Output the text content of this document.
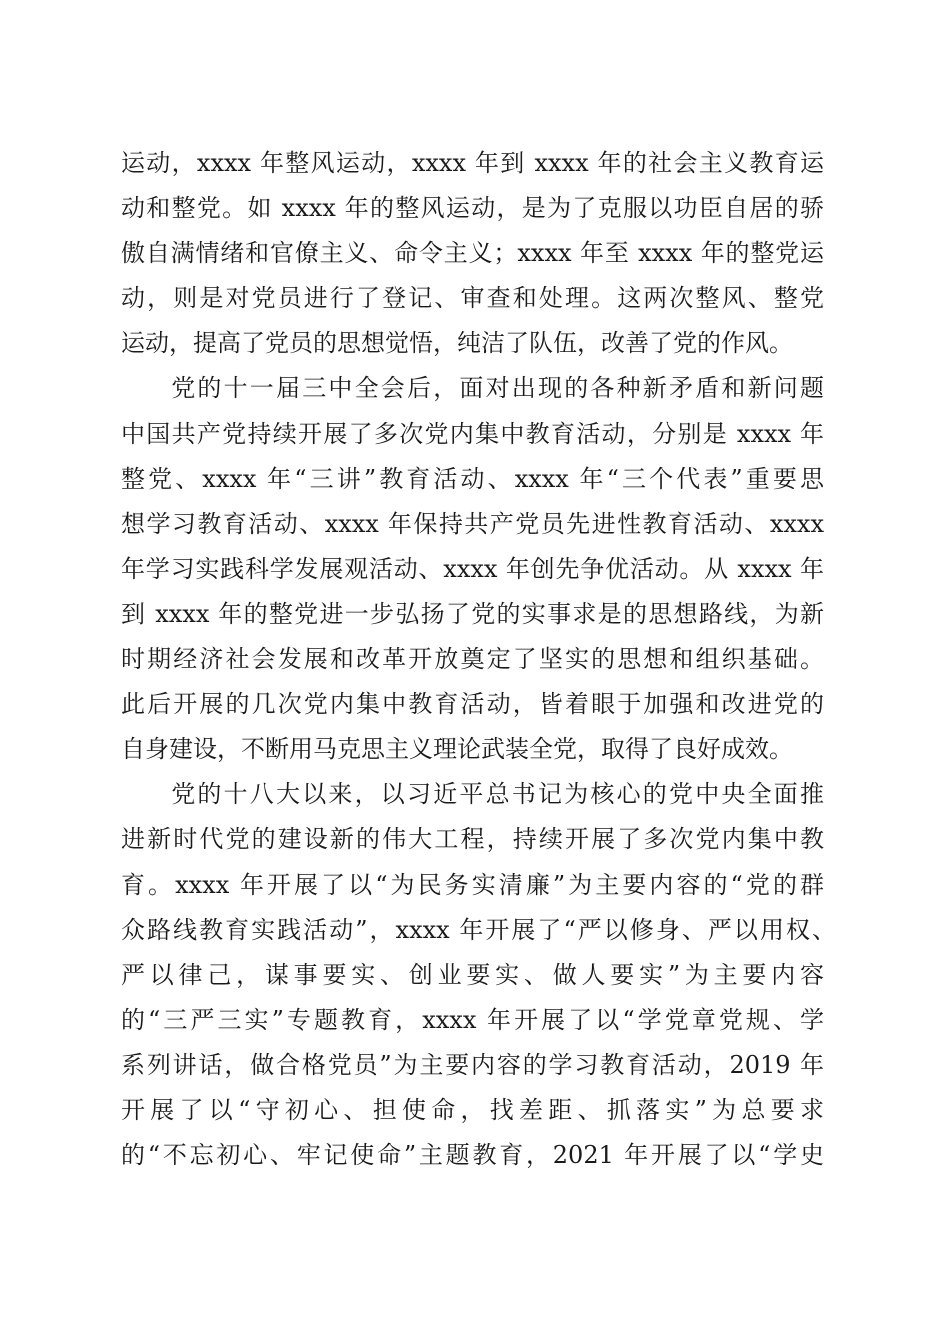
运动，xxxx 年整风运动，xxxx 年到 xxxx 年的社会主义教育运
动和整党。如 xxxx 年的整风运动，是为了克服以功臣自居的骄
傲自满情绪和官僚主义、命令主义；xxxx 年至 xxxx 年的整党运
动，则是对党员进行了登记、审查和处理。这两次整风、整党
运动，提高了党员的思想觉悟，纯洁了队伍，改善了党的作风。
党的十一届三中全会后，面对出现的各种新矛盾和新问题
中国共产党持续开展了多次党内集中教育活动，分别是 xxxx 年
整党、xxxx 年“三讲”教育活动、xxxx 年“三个代表”重要思
想学习教育活动、xxxx 年保持共产党员先进性教育活动、xxxx
年学习实践科学发展观活动、xxxx 年创先争优活动。从 xxxx 年
到 xxxx 年的整党进一步弘扬了党的实事求是的思想路线，为新
时期经济社会发展和改革开放奠定了坚实的思想和组织基础。
此后开展的几次党内集中教育活动，皆着眼于加强和改进党的
自身建设，不断用马克思主义理论武装全党，取得了良好成效。
党的十八大以来，以习近平总书记为核心的党中央全面推
进新时代党的建设新的伟大工程，持续开展了多次党内集中教
育。xxxx 年开展了以“为民务实清廉”为主要内容的“党的群
众路线教育实践活动”，xxxx 年开展了“严以修身、严以用权、
严以律己，谋事要实、创业要实、做人要实”为主要内容
的“三严三实”专题教育，xxxx 年开展了以“学党章党规、学
系列讲话，做合格党员”为主要内容的学习教育活动，2019 年
开展了以“守初心、担使命，找差距、抓落实”为总要求
的“不忘初心、牢记使命”主题教育，2021 年开展了以“学史
